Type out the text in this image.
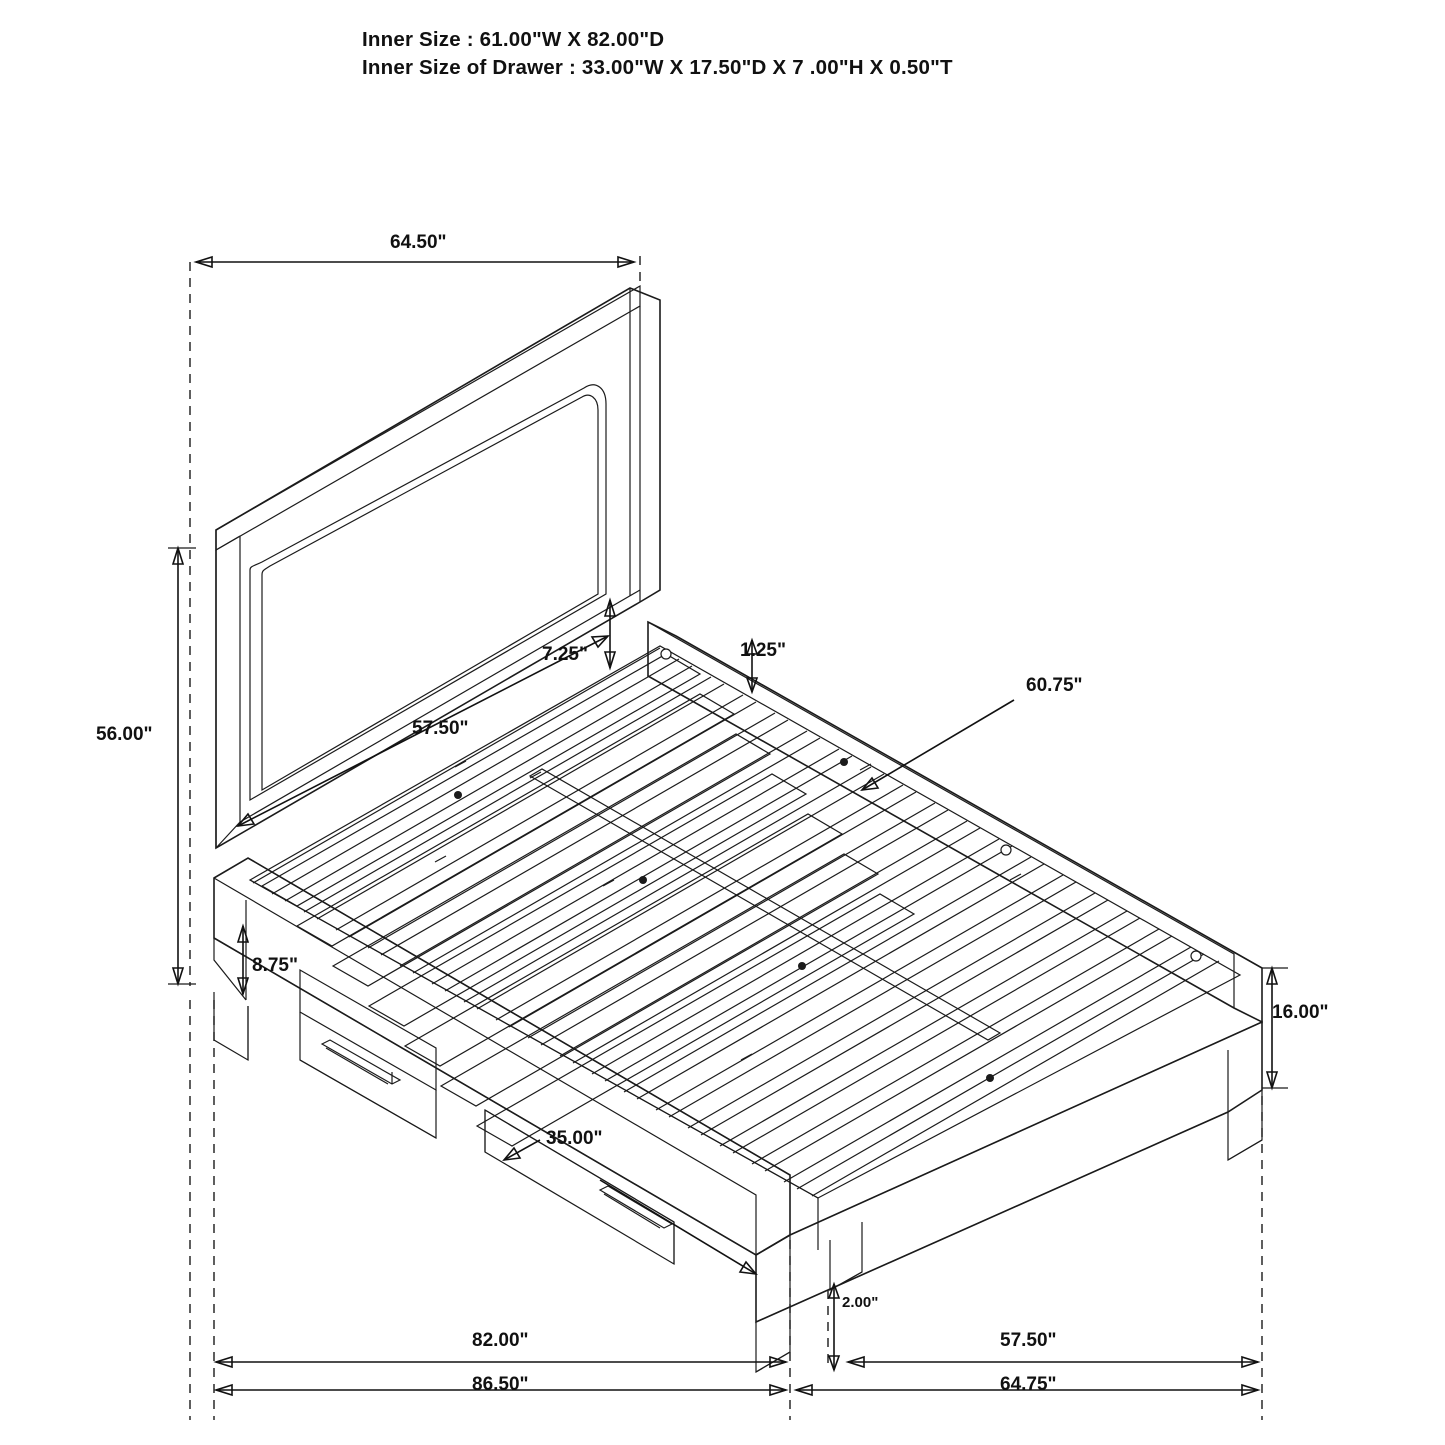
Inner Size : 61.00"W X 82.00"D
Inner Size of Drawer : 33.00"W X 17.50"D X 7 .00"H X 0.50"T
64.50"
56.00"
7.25"	1.25"
57.50"
60.75"
8.75"
16.00"
35.00"
2.00"
82.00"	57.50"
86.50"	64.75"
